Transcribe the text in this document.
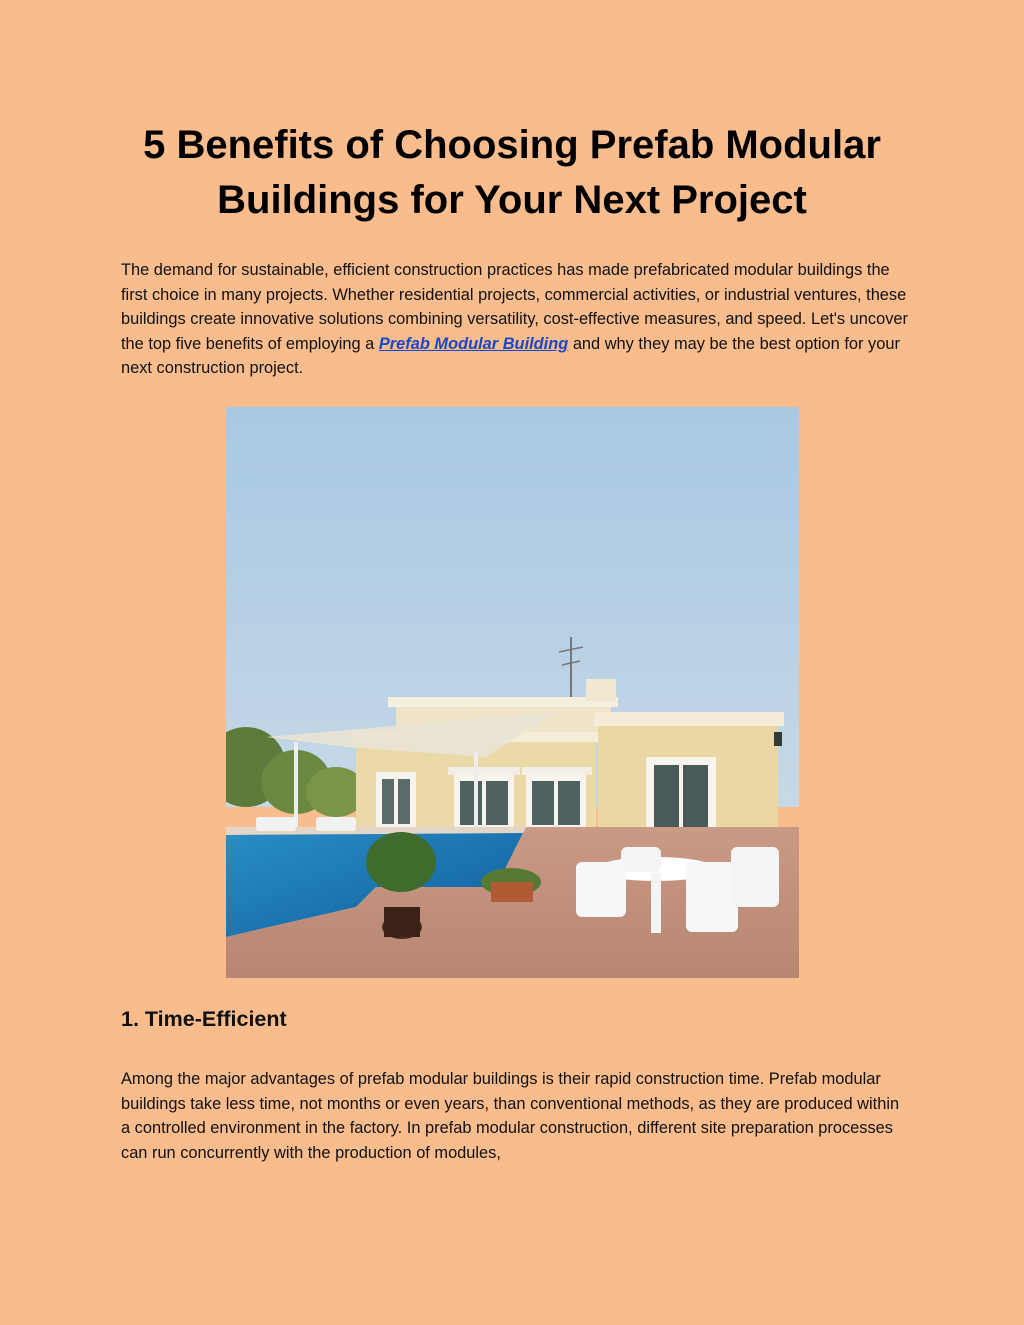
5 Benefits of Choosing Prefab Modular Buildings for Your Next Project

The demand for sustainable, efficient construction practices has made prefabricated modular buildings the first choice in many projects. Whether residential projects, commercial activities, or industrial ventures, these buildings create innovative solutions combining versatility, cost-effective measures, and speed. Let's uncover the top five benefits of employing a Prefab Modular Building and why they may be the best option for your next construction project.

1. Time-Efficient

Among the major advantages of prefab modular buildings is their rapid construction time. Prefab modular buildings take less time, not months or even years, than conventional methods, as they are produced within a controlled environment in the factory. In prefab modular construction, different site preparation processes can run concurrently with the production of modules,
